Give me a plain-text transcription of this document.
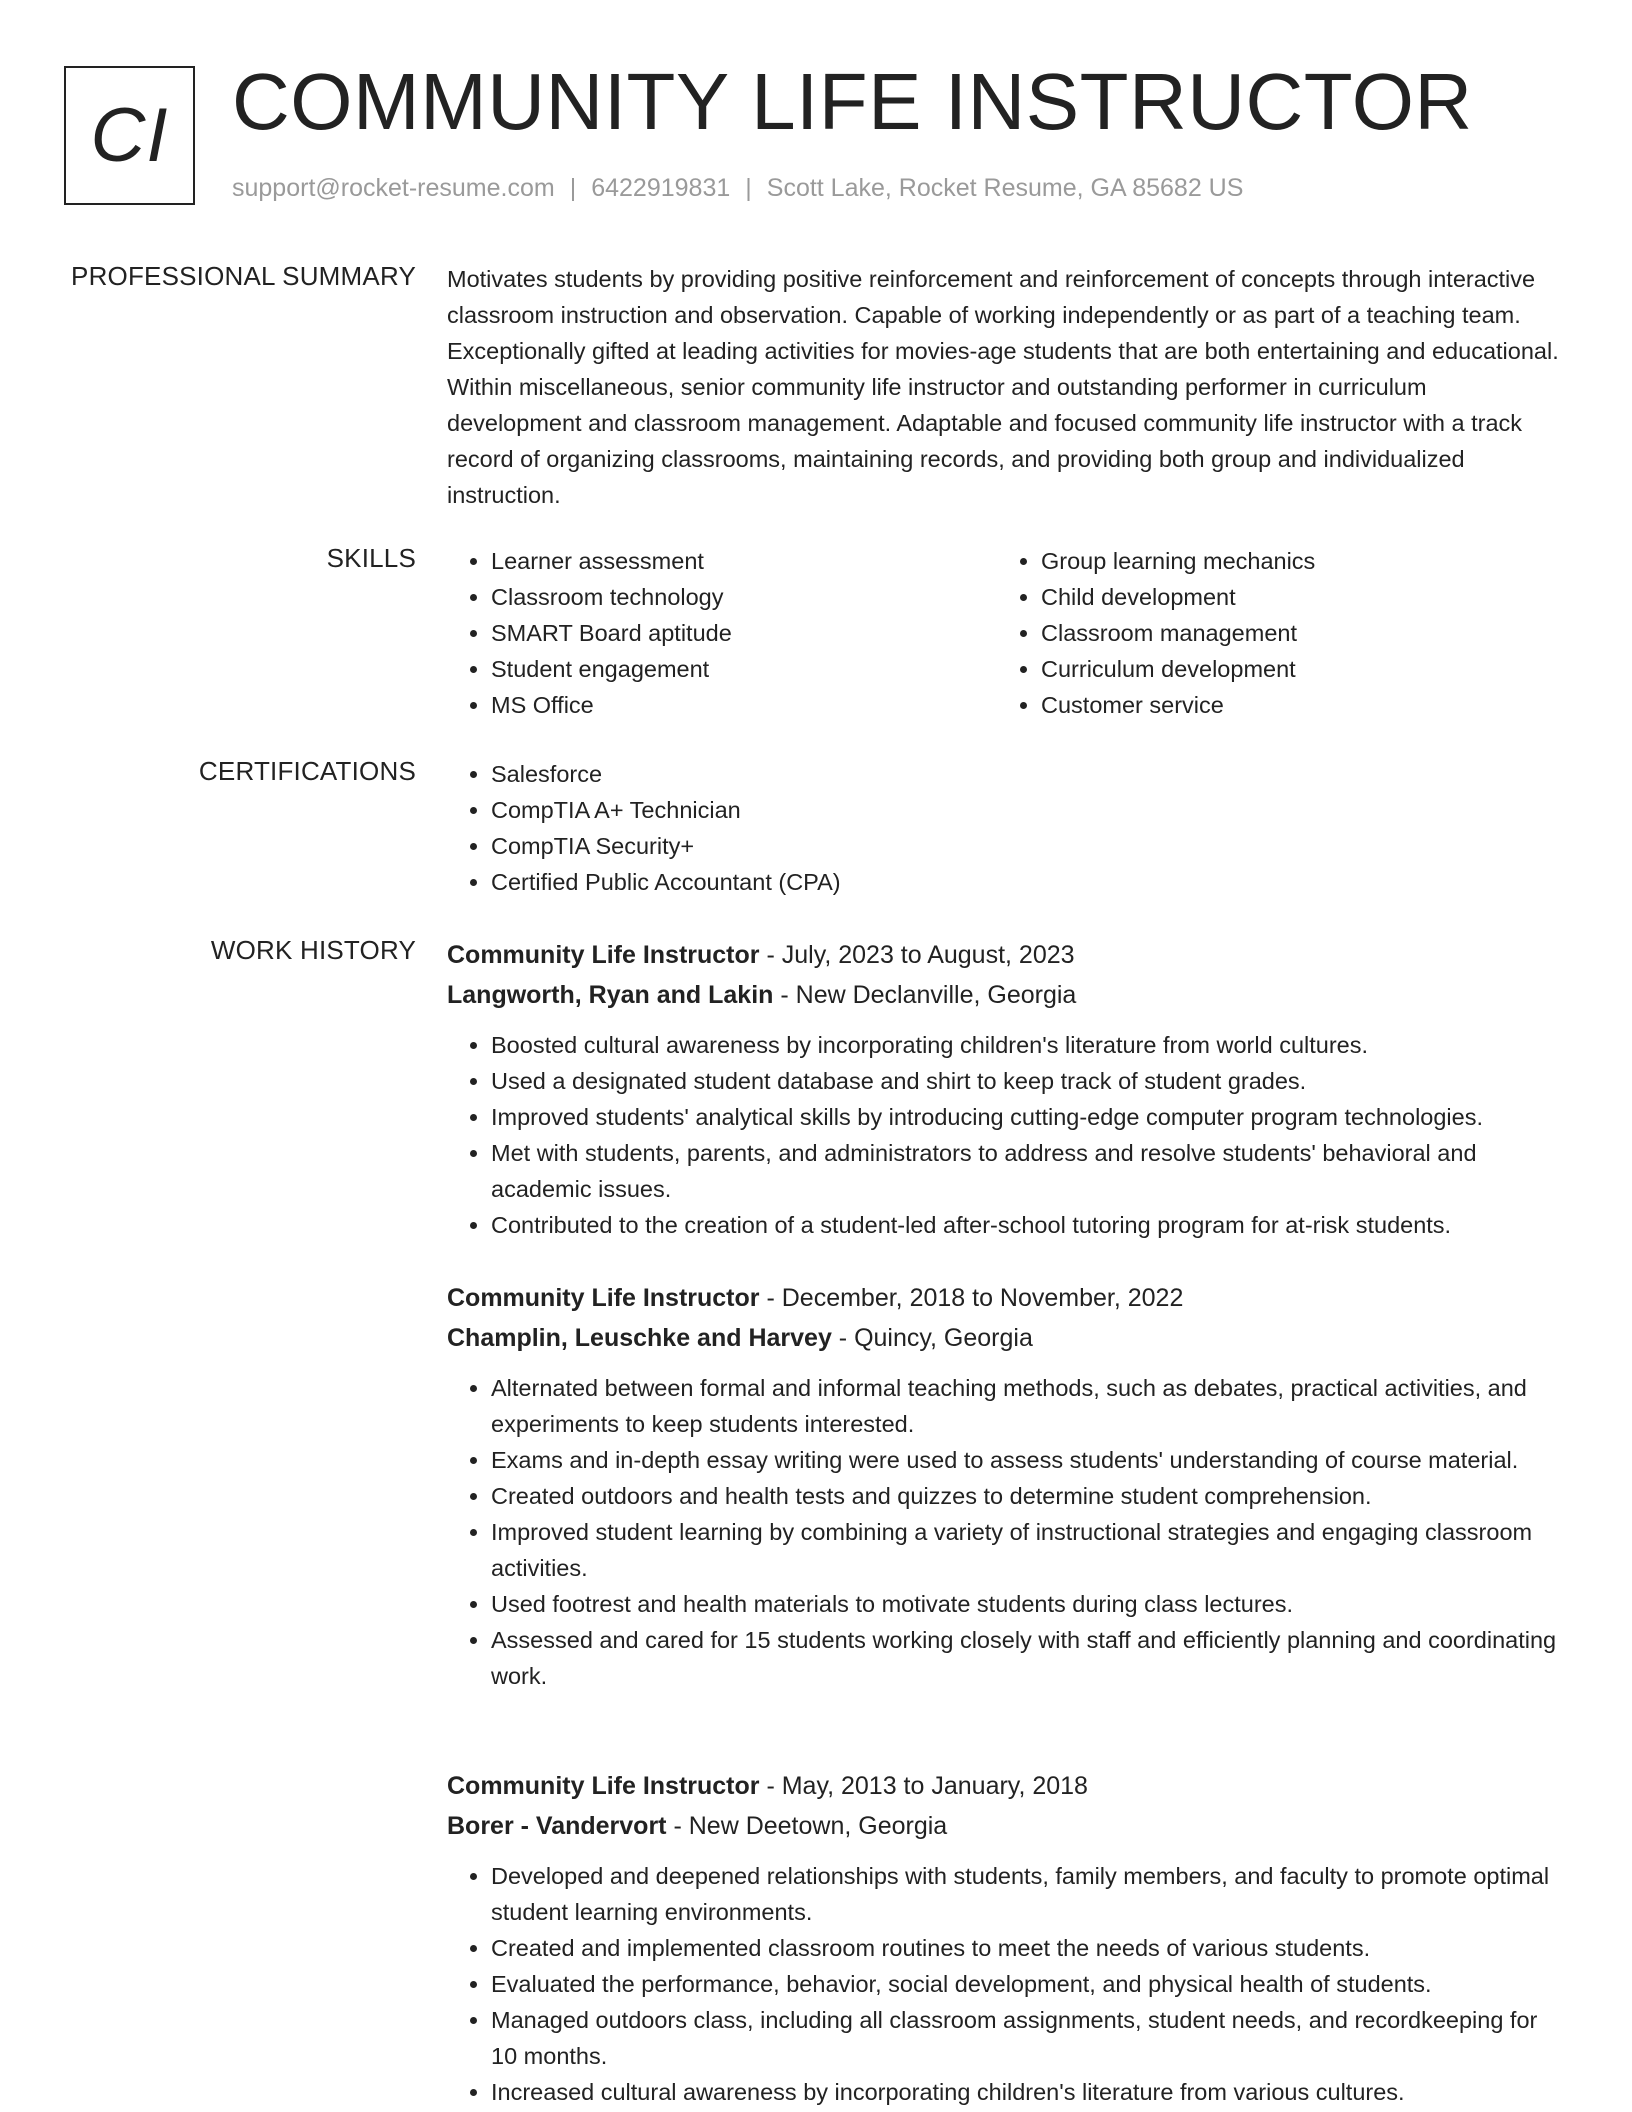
CI COMMUNITY LIFE INSTRUCTOR
support@rocket-resume.com | 6422919831 | Scott Lake, Rocket Resume, GA 85682 US
PROFESSIONAL SUMMARY Motivates students by providing positive reinforcement and reinforcement of concepts through interactive classroom instruction and observation. Capable of working independently or as part of a teaching team. Exceptionally gifted at leading activities for movies-age students that are both entertaining and educational. Within miscellaneous, senior community life instructor and outstanding performer in curriculum development and classroom management. Adaptable and focused community life instructor with a track record of organizing classrooms, maintaining records, and providing both group and individualized instruction.

SKILLS	• Learner assessment
• Classroom technology
• SMART Board aptitude
• Student engagement
• MS Office
• Group learning mechanics
• Child development
• Classroom management
• Curriculum development
• Customer service
CERTIFICATIONS	• Salesforce
• CompTIA A+ Technician
• CompTIA Security+
• Certified Public Accountant (CPA)
WORK HISTORY Community Life Instructor - July, 2023 to August, 2023
Langworth, Ryan and Lakin - New Declanville, Georgia
• Boosted cultural awareness by incorporating children's literature from world cultures.
• Used a designated student database and shirt to keep track of student grades.
• Improved students' analytical skills by introducing cutting-edge computer program technologies.
• Met with students, parents, and administrators to address and resolve students' behavioral and academic issues.
• Contributed to the creation of a student-led after-school tutoring program for at-risk students.
Community Life Instructor - December, 2018 to November, 2022
Champlin, Leuschke and Harvey - Quincy, Georgia
• Alternated between formal and informal teaching methods, such as debates, practical activities, and experiments to keep students interested.
• Exams and in-depth essay writing were used to assess students' understanding of course material.
• Created outdoors and health tests and quizzes to determine student comprehension.
• Improved student learning by combining a variety of instructional strategies and engaging classroom activities.
• Used footrest and health materials to motivate students during class lectures.
• Assessed and cared for 15 students working closely with staff and efficiently planning and coordinating work.
Community Life Instructor - May, 2013 to January, 2018
Borer - Vandervort - New Deetown, Georgia
• Developed and deepened relationships with students, family members, and faculty to promote optimal student learning environments.
• Created and implemented classroom routines to meet the needs of various students.
• Evaluated the performance, behavior, social development, and physical health of students.
• Managed outdoors class, including all classroom assignments, student needs, and recordkeeping for 10 months.
• Increased cultural awareness by incorporating children's literature from various cultures.
